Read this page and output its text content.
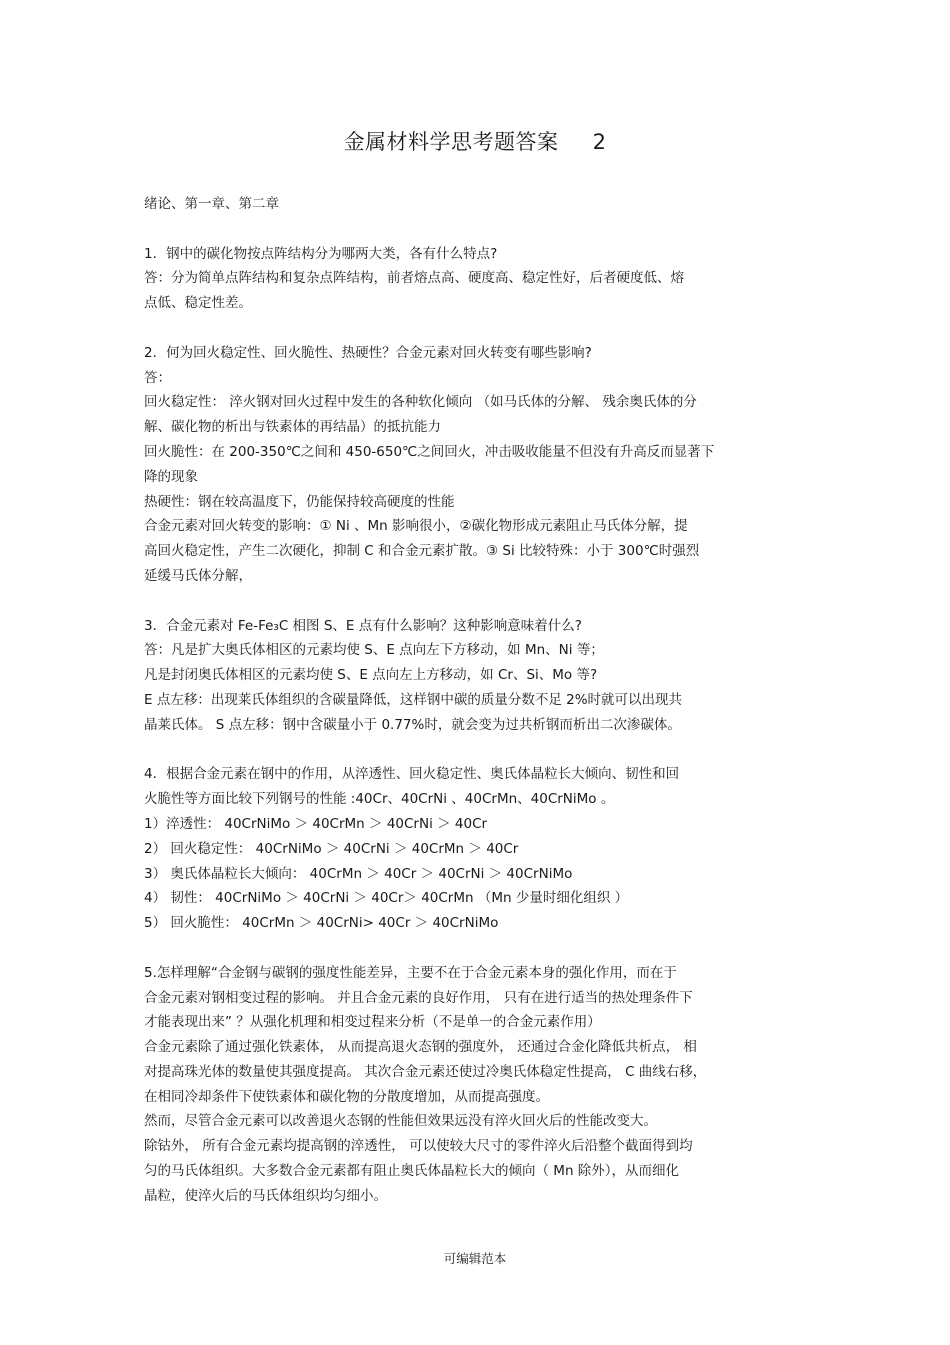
金属材料学思考题答案 2

绪论、第一章、第二章

1．钢中的碳化物按点阵结构分为哪两大类，各有什么特点?

答：分为简单点阵结构和复杂点阵结构，前者熔点高、硬度高、稳定性好，后者硬度低、熔

点低、稳定性差。

2．何为回火稳定性、回火脆性、热硬性？合金元素对回火转变有哪些影响?

答：

回火稳定性： 淬火钢对回火过程中发生的各种软化倾向 （如马氏体的分解、 残余奥氏体的分

解、碳化物的析出与铁素体的再结晶）的抵抗能力

回火脆性：在 200-350℃之间和 450-650℃之间回火，冲击吸收能量不但没有升高反而显著下

降的现象

热硬性：钢在较高温度下，仍能保持较高硬度的性能

合金元素对回火转变的影响：① Ni 、Mn 影响很小，②碳化物形成元素阻止马氏体分解，提

高回火稳定性，产生二次硬化，抑制 C 和合金元素扩散。③ Si 比较特殊：小于 300℃时强烈

延缓马氏体分解，

3．合金元素对 Fe-Fe₃C 相图 S、E 点有什么影响？这种影响意味着什么?

答：凡是扩大奥氏体相区的元素均使 S、E 点向左下方移动，如 Mn、Ni 等；

凡是封闭奥氏体相区的元素均使 S、E 点向左上方移动，如 Cr、Si、Mo 等?

E 点左移：出现莱氏体组织的含碳量降低，这样钢中碳的质量分数不足 2%时就可以出现共

晶莱氏体。 S 点左移：钢中含碳量小于 0.77%时，就会变为过共析钢而析出二次渗碳体。

4．根据合金元素在钢中的作用，从淬透性、回火稳定性、奥氏体晶粒长大倾向、韧性和回

火脆性等方面比较下列钢号的性能 :40Cr、40CrNi 、40CrMn、40CrNiMo 。

1）淬透性： 40CrNiMo ＞ 40CrMn ＞ 40CrNi ＞ 40Cr

2） 回火稳定性： 40CrNiMo ＞ 40CrNi ＞ 40CrMn ＞ 40Cr

3） 奥氏体晶粒长大倾向： 40CrMn ＞ 40Cr ＞ 40CrNi ＞ 40CrNiMo

4） 韧性： 40CrNiMo ＞ 40CrNi ＞ 40Cr＞ 40CrMn （Mn 少量时细化组织 ）

5） 回火脆性： 40CrMn ＞ 40CrNi> 40Cr ＞ 40CrNiMo

5.怎样理解“合金钢与碳钢的强度性能差异，主要不在于合金元素本身的强化作用，而在于

合金元素对钢相变过程的影响。 并且合金元素的良好作用， 只有在进行适当的热处理条件下

才能表现出来” ？从强化机理和相变过程来分析（不是单一的合金元素作用）

合金元素除了通过强化铁素体， 从而提高退火态钢的强度外， 还通过合金化降低共析点， 相

对提高珠光体的数量使其强度提高。 其次合金元素还使过冷奥氏体稳定性提高， C 曲线右移，

在相同冷却条件下使铁素体和碳化物的分散度增加，从而提高强度。

然而，尽管合金元素可以改善退火态钢的性能但效果远没有淬火回火后的性能改变大。

除钴外， 所有合金元素均提高钢的淬透性， 可以使较大尺寸的零件淬火后沿整个截面得到均

匀的马氏体组织。大多数合金元素都有阻止奥氏体晶粒长大的倾向（ Mn 除外），从而细化

晶粒，使淬火后的马氏体组织均匀细小。

可编辑范本
